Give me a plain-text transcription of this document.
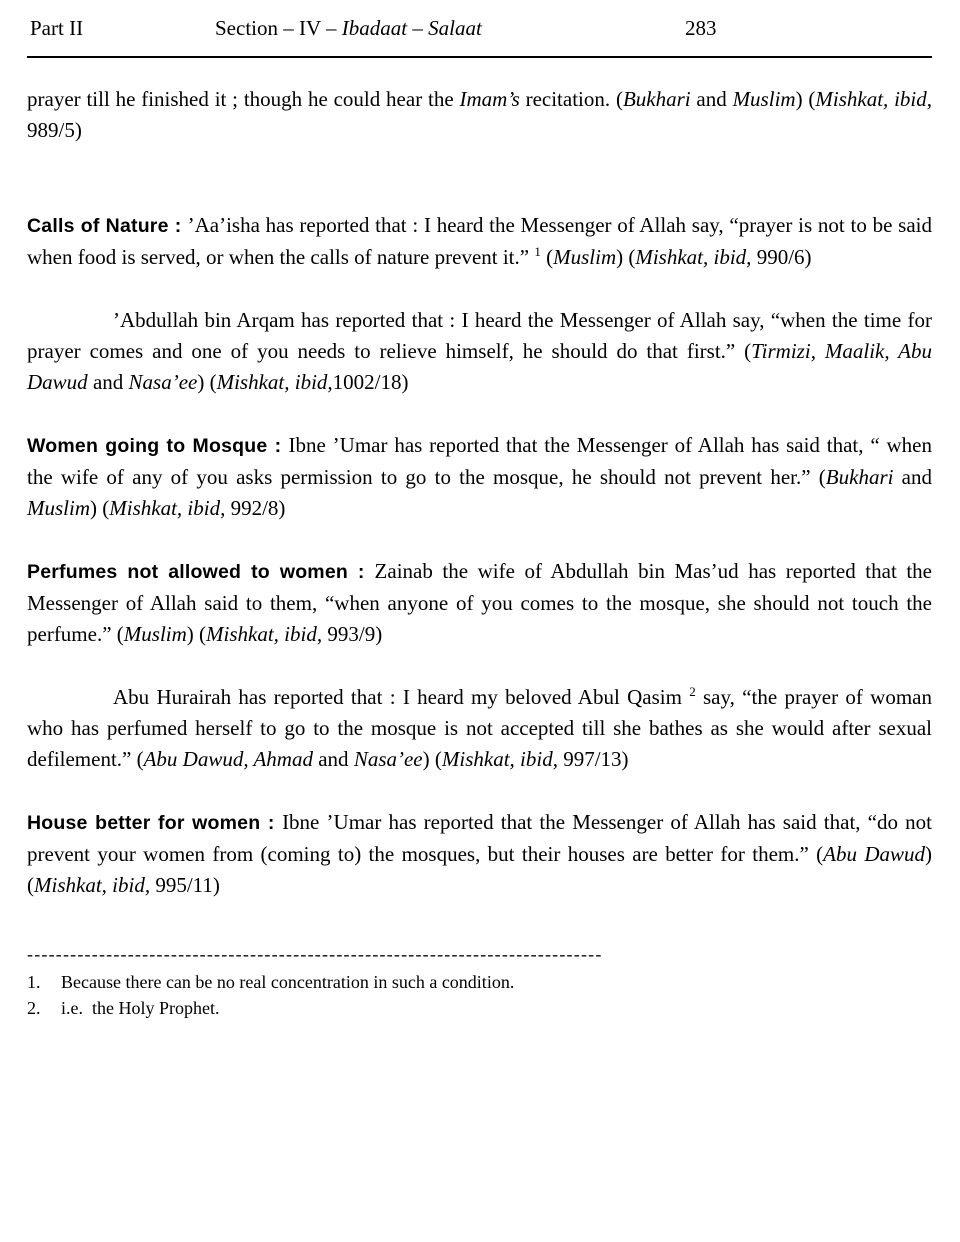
Part II	Section – IV – Ibadaat – Salaat	283

prayer till he finished it ; though he could hear the Imam’s recitation. (Bukhari and Muslim) (Mishkat, ibid, 989/5)

Calls of Nature : ’Aa’isha has reported that : I heard the Messenger of Allah say, “prayer is not to be said when food is served, or when the calls of nature prevent it.” $^1$ (Muslim) (Mishkat, ibid, 990/6)

’Abdullah bin Arqam has reported that : I heard the Messenger of Allah say, “when the time for prayer comes and one of you needs to relieve himself, he should do that first.” (Tirmizi, Maalik, Abu Dawud and Nasa’ee) (Mishkat, ibid,1002/18)

Women going to Mosque : Ibne ’Umar has reported that the Messenger of Allah has said that, “ when the wife of any of you asks permission to go to the mosque, he should not prevent her.” (Bukhari and Muslim) (Mishkat, ibid, 992/8)

Perfumes not allowed to women : Zainab the wife of Abdullah bin Mas’ud has reported that the Messenger of Allah said to them, “when anyone of you comes to the mosque, she should not touch the perfume.” (Muslim) (Mishkat, ibid, 993/9)

Abu Hurairah has reported that : I heard my beloved Abul Qasim $^2$ say, “the prayer of woman who has perfumed herself to go to the mosque is not accepted till she bathes as she would after sexual defilement.” (Abu Dawud, Ahmad and Nasa’ee) (Mishkat, ibid, 997/13)

House better for women : Ibne ’Umar has reported that the Messenger of Allah has said that, “do not prevent your women from (coming to) the mosques, but their houses are better for them.” (Abu Dawud) (Mishkat, ibid, 995/11)

--------------------------------------------------------------------------------
1.	Because there can be no real concentration in such a condition.
2.	i.e.  the Holy Prophet.
